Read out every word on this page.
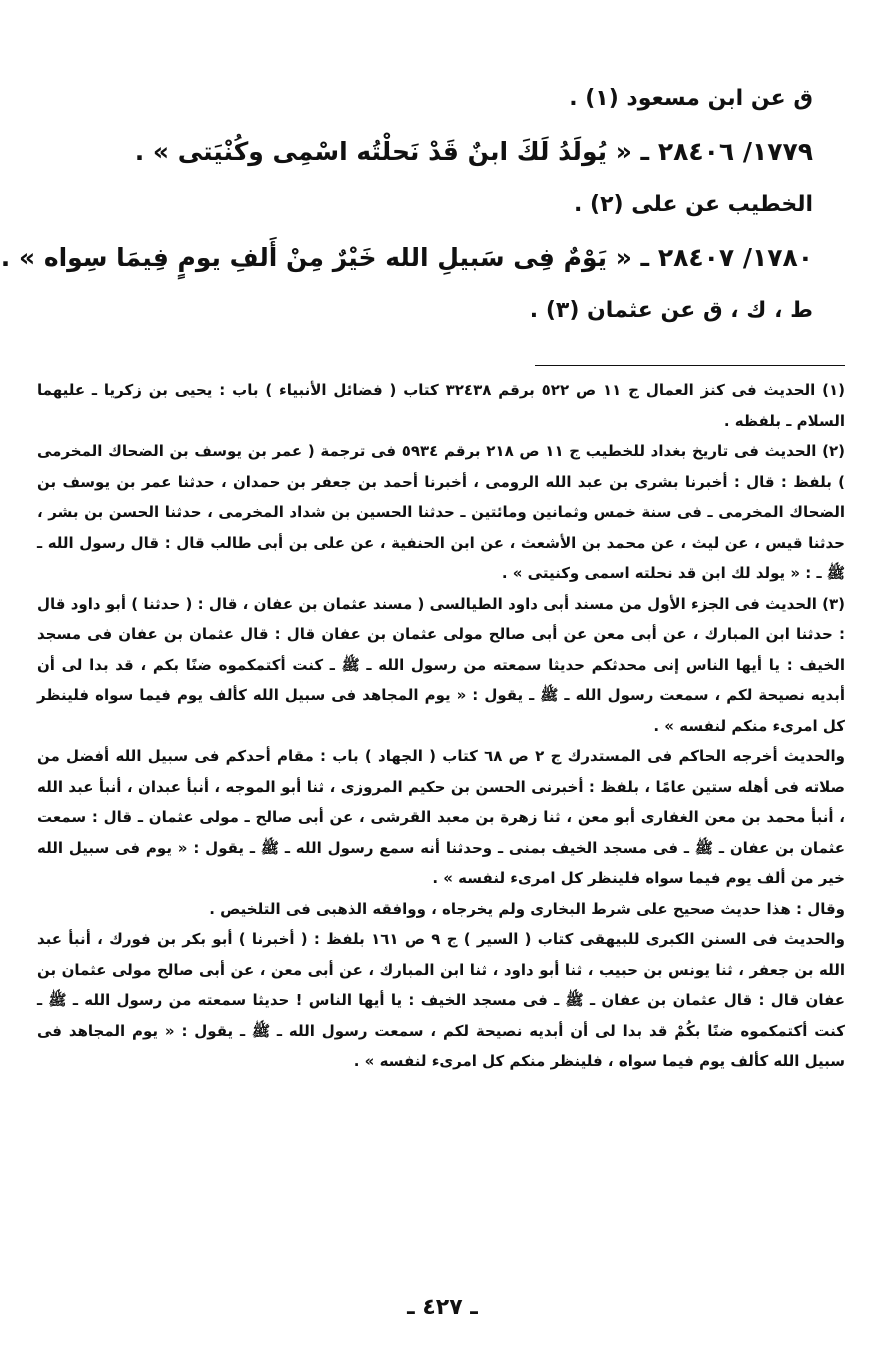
ق عن ابن مسعود (١) .
١٧٧٩/ ٢٨٤٠٦ ـ « يُولَدُ لَكَ ابنٌ قَدْ نَحلْتُه اسْمِى وكُنْيَتى » .
الخطيب عن على (٢) .
١٧٨٠/ ٢٨٤٠٧ ـ « يَوْمٌ فِى سَبيلِ الله خَيْرٌ مِنْ أَلفِ يومٍ فِيمَا سِواه » .
ط ، ك ، ق عن عثمان (٣) .

(١) الحديث فى كنز العمال ج ١١ ص ٥٢٢ برقم ٣٢٤٣٨ كتاب ( فضائل الأنبياء ) باب : يحيى بن زكريا ـ عليهما السلام ـ بلفظه .

(٢) الحديث فى تاريخ بغداد للخطيب ج ١١ ص ٢١٨ برقم ٥٩٣٤ فى ترجمة ( عمر بن يوسف بن الضحاك المخرمى ) بلفظ : قال : أخبرنا بشرى بن عبد الله الرومى ، أخبرنا أحمد بن جعفر بن حمدان ، حدثنا عمر بن يوسف بن الضحاك المخرمى ـ فى سنة خمس وثمانين ومائتين ـ حدثنا الحسين بن شداد المخرمى ، حدثنا الحسن بن بشر ، حدثنا قيس ، عن ليث ، عن محمد بن الأشعث ، عن ابن الحنفية ، عن على بن أبى طالب قال : قال رسول الله ـ ﷺ ـ : « يولد لك ابن قد نحلته اسمى وكنيتى » .

(٣) الحديث فى الجزء الأول من مسند أبى داود الطيالسى ( مسند عثمان بن عفان ، قال : ( حدثنا ) أبو داود قال : حدثنا ابن المبارك ، عن أبى معن عن أبى صالح مولى عثمان بن عفان قال : قال عثمان بن عفان فى مسجد الخيف : يا أيها الناس إنى محدثكم حديثا سمعته من رسول الله ـ ﷺ ـ كنت أكتمكموه ضنًا بكم ، قد بدا لى أن أبديه نصيحة لكم ، سمعت رسول الله ـ ﷺ ـ يقول : « يوم المجاهد فى سبيل الله كألف يوم فيما سواه فلينظر كل امرىء منكم لنفسه » .

والحديث أخرجه الحاكم فى المستدرك ج ٢ ص ٦٨ كتاب ( الجهاد ) باب : مقام أحدكم فى سبيل الله أفضل من صلاته فى أهله ستين عامًا ، بلفظ : أخبرنى الحسن بن حكيم المروزى ، ثنا أبو الموجه ، أنبأ عبدان ، أنبأ عبد الله ، أنبأ محمد بن معن الغفارى أبو معن ، ثنا زهرة بن معبد القرشى ، عن أبى صالح ـ مولى عثمان ـ قال : سمعت عثمان بن عفان ـ ﷺ ـ فى مسجد الخيف بمنى ـ وحدثنا أنه سمع رسول الله ـ ﷺ ـ يقول : « يوم فى سبيل الله خير من ألف يوم فيما سواه فلينظر كل امرىء لنفسه » .

وقال : هذا حديث صحيح على شرط البخارى ولم يخرجاه ، ووافقه الذهبى فى التلخيص .

والحديث فى السنن الكبرى للبيهقى كتاب ( السير ) ج ٩ ص ١٦١ بلفظ : ( أخبرنا ) أبو بكر بن فورك ، أنبأ عبد الله بن جعفر ، ثنا يونس بن حبيب ، ثنا أبو داود ، ثنا ابن المبارك ، عن أبى معن ، عن أبى صالح مولى عثمان بن عفان قال : قال عثمان بن عفان ـ ﷺ ـ فى مسجد الخيف : يا أيها الناس ! حديثا سمعته من رسول الله ـ ﷺ ـ كنت أكتمكموه ضنًا بكُمْ قد بدا لى أن أبديه نصيحة لكم ، سمعت رسول الله ـ ﷺ ـ يقول : « يوم المجاهد فى سبيل الله كألف يوم فيما سواه ، فلينظر منكم كل امرىء لنفسه » .

ـ ٤٢٧ ـ
